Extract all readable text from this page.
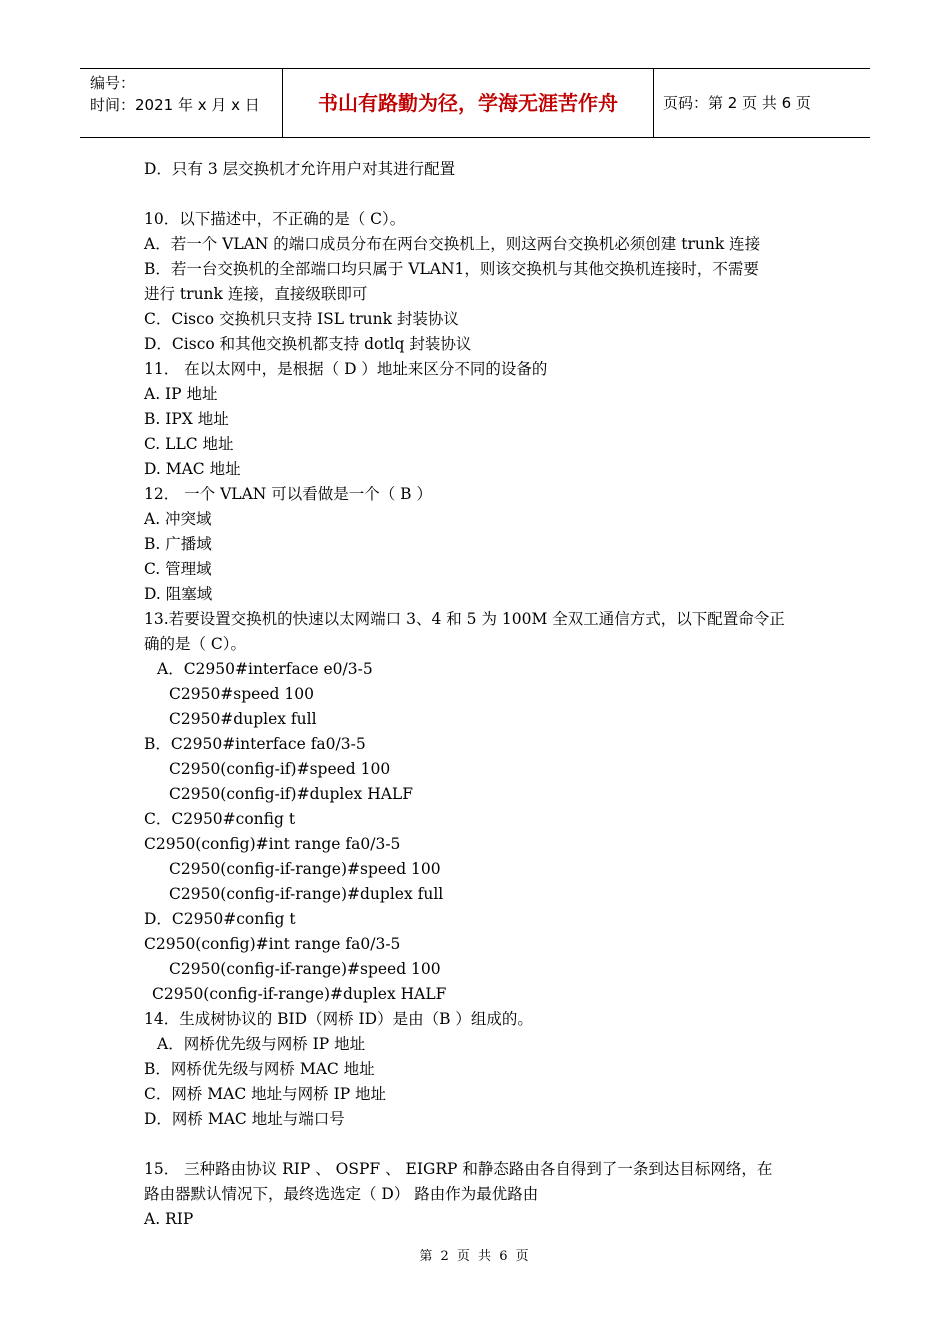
编号：
时间：2021 年 x 月 x 日	书山有路勤为径，学海无涯苦作舟	页码：第 2 页 共 6 页
D．只有 3 层交换机才允许用户对其进行配置
10．以下描述中，不正确的是（ C）。
A．若一个 VLAN 的端口成员分布在两台交换机上，则这两台交换机必须创建 trunk 连接
B．若一台交换机的全部端口均只属于 VLAN1，则该交换机与其他交换机连接时，不需要
进行 trunk 连接，直接级联即可
C．Cisco 交换机只支持 ISL trunk 封装协议
D．Cisco 和其他交换机都支持 dotlq 封装协议
11． 在以太网中，是根据（ D ）地址来区分不同的设备的
A. IP 地址
B. IPX 地址
C. LLC 地址
D. MAC 地址
12． 一个 VLAN 可以看做是一个（ B ）
A. 冲突域
B. 广播域
C. 管理域
D. 阻塞域
13.若要设置交换机的快速以太网端口 3、4 和 5 为 100M 全双工通信方式，以下配置命令正
确的是（ C）。
A．C2950#interface e0/3-5
C2950#speed 100
C2950#duplex full
B．C2950#interface fa0/3-5
C2950(config-if)#speed 100
C2950(config-if)#duplex HALF
C．C2950#config t
C2950(config)#int range fa0/3-5
C2950(config-if-range)#speed 100
C2950(config-if-range)#duplex full
D．C2950#config t
C2950(config)#int range fa0/3-5
C2950(config-if-range)#speed 100
C2950(config-if-range)#duplex HALF
14．生成树协议的 BID（网桥 ID）是由（B ）组成的。
A．网桥优先级与网桥 IP 地址
B．网桥优先级与网桥 MAC 地址
C．网桥 MAC 地址与网桥 IP 地址
D．网桥 MAC 地址与端口号
15． 三种路由协议 RIP 、 OSPF 、 EIGRP 和静态路由各自得到了一条到达目标网络，在
路由器默认情况下，最终选选定（ D） 路由作为最优路由
A. RIP
第 2 页 共 6 页
